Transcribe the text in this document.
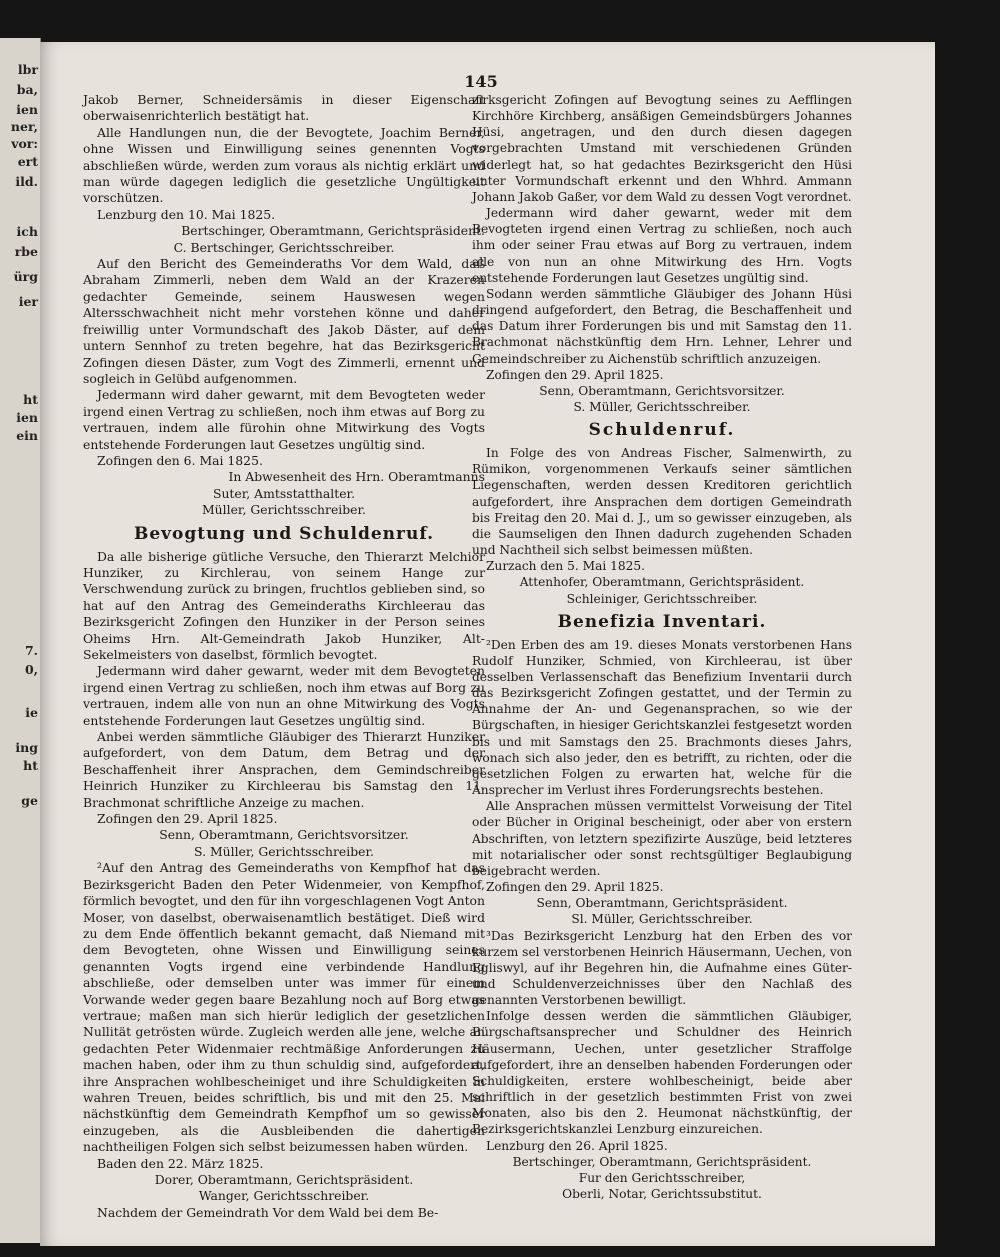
lbr
ba,
ien
ner,
vor:
ert
ild.
ich
rbe
ürg
ier
ht
ien
ein
7.
0,
ie
ing
ht
ge
145

Jakob Berner, Schneidersämis in dieser Eigenschaft oberwaisenrichterlich bestätigt hat.

Alle Handlungen nun, die der Bevogtete, Joachim Berner, ohne Wissen und Einwilligung seines genennten Vogts abschließen würde, werden zum voraus als nichtig erklärt und man würde dagegen lediglich die gesetzliche Ungültigkeit vorschützen.

Lenzburg den 10. Mai 1825.

Bertschinger, Oberamtmann, Gerichtspräsident.

C. Bertschinger, Gerichtsschreiber.

Auf den Bericht des Gemeinderaths Vor dem Wald, daß Abraham Zimmerli, neben dem Wald an der Krazeren gedachter Gemeinde, seinem Hauswesen wegen Altersschwachheit nicht mehr vorstehen könne und daher freiwillig unter Vormundschaft des Jakob Däster, auf dem untern Sennhof zu treten begehre, hat das Bezirksgericht Zofingen diesen Däster, zum Vogt des Zimmerli, ernennt und sogleich in Gelübd aufgenommen.

Jedermann wird daher gewarnt, mit dem Bevogteten weder irgend einen Vertrag zu schließen, noch ihm etwas auf Borg zu vertrauen, indem alle fürohin ohne Mitwirkung des Vogts entstehende Forderungen laut Gesetzes ungültig sind.

Zofingen den 6. Mai 1825.

In Abwesenheit des Hrn. Oberamtmanns

Suter, Amtsstatthalter.

Müller, Gerichtsschreiber.

Bevogtung und Schuldenruf.

Da alle bisherige gütliche Versuche, den Thierarzt Melchior Hunziker, zu Kirchlerau, von seinem Hange zur Verschwendung zurück zu bringen, fruchtlos geblieben sind, so hat auf den Antrag des Gemeinderaths Kirchleerau das Bezirksgericht Zofingen den Hunziker in der Person seines Oheims Hrn. Alt-Gemeindrath Jakob Hunziker, Alt-Sekelmeisters von daselbst, förmlich bevogtet.

Jedermann wird daher gewarnt, weder mit dem Bevogteten irgend einen Vertrag zu schließen, noch ihm etwas auf Borg zu vertrauen, indem alle von nun an ohne Mitwirkung des Vogts entstehende Forderungen laut Gesetzes ungültig sind.

Anbei werden sämmtliche Gläubiger des Thierarzt Hunziker aufgefordert, von dem Datum, dem Betrag und der Beschaffenheit ihrer Ansprachen, dem Gemindschreiber Heinrich Hunziker zu Kirchleerau bis Samstag den 11. Brachmonat schriftliche Anzeige zu machen.

Zofingen den 29. April 1825.

Senn, Oberamtmann, Gerichtsvorsitzer.

S. Müller, Gerichtsschreiber.

²Auf den Antrag des Gemeinderaths von Kempfhof hat das Bezirksgericht Baden den Peter Widenmeier, von Kempfhof, förmlich bevogtet, und den für ihn vorgeschlagenen Vogt Anton Moser, von daselbst, oberwaisenamtlich bestätiget. Dieß wird zu dem Ende öffentlich bekannt gemacht, daß Niemand mit dem Bevogteten, ohne Wissen und Einwilligung seines genannten Vogts irgend eine verbindende Handlung abschließe, oder demselben unter was immer für einem Vorwande weder gegen baare Bezahlung noch auf Borg etwas vertraue; maßen man sich hierür lediglich der gesetzlichen Nullität getrösten würde. Zugleich werden alle jene, welche an gedachten Peter Widenmaier rechtmäßige Anforderungen zu machen haben, oder ihm zu thun schuldig sind, aufgefordert, ihre Ansprachen wohlbescheiniget und ihre Schuldigkeiten in wahren Treuen, beides schriftlich, bis und mit den 25. Mai nächstkünftig dem Gemeindrath Kempfhof um so gewisser einzugeben, als die Ausbleibenden die dahertigen nachtheiligen Folgen sich selbst beizumessen haben würden.

Baden den 22. März 1825.

Dorer, Oberamtmann, Gerichtspräsident.

Wanger, Gerichtsschreiber.

Nachdem der Gemeindrath Vor dem Wald bei dem Be-

zirksgericht Zofingen auf Bevogtung seines zu Aefflingen Kirchhöre Kirchberg, ansäßigen Gemeindsbürgers Johannes Hüsi, angetragen, und den durch diesen dagegen vorgebrachten Umstand mit verschiedenen Gründen widerlegt hat, so hat gedachtes Bezirksgericht den Hüsi unter Vormundschaft erkennt und den Whhrd. Ammann Johann Jakob Gaßer, vor dem Wald zu dessen Vogt verordnet.

Jedermann wird daher gewarnt, weder mit dem Bevogteten irgend einen Vertrag zu schließen, noch auch ihm oder seiner Frau etwas auf Borg zu vertrauen, indem alle von nun an ohne Mitwirkung des Hrn. Vogts entstehende Forderungen laut Gesetzes ungültig sind.

Sodann werden sämmtliche Gläubiger des Johann Hüsi dringend aufgefordert, den Betrag, die Beschaffenheit und das Datum ihrer Forderungen bis und mit Samstag den 11. Brachmonat nächstkünftig dem Hrn. Lehner, Lehrer und Gemeindschreiber zu Aichenstüb schriftlich anzuzeigen.

Zofingen den 29. April 1825.

Senn, Oberamtmann, Gerichtsvorsitzer.

S. Müller, Gerichtsschreiber.

Schuldenruf.

In Folge des von Andreas Fischer, Salmenwirth, zu Rümikon, vorgenommenen Verkaufs seiner sämtlichen Liegenschaften, werden dessen Kreditoren gerichtlich aufgefordert, ihre Ansprachen dem dortigen Gemeindrath bis Freitag den 20. Mai d. J., um so gewisser einzugeben, als die Saumseligen den Ihnen dadurch zugehenden Schaden und Nachtheil sich selbst beimessen müßten.

Zurzach den 5. Mai 1825.

Attenhofer, Oberamtmann, Gerichtspräsident.

Schleiniger, Gerichtsschreiber.

Benefizia Inventari.

²Den Erben des am 19. dieses Monats verstorbenen Hans Rudolf Hunziker, Schmied, von Kirchleerau, ist über desselben Verlassenschaft das Benefizium Inventarii durch das Bezirksgericht Zofingen gestattet, und der Termin zu Annahme der An- und Gegenansprachen, so wie der Bürgschaften, in hiesiger Gerichtskanzlei festgesetzt worden bis und mit Samstags den 25. Brachmonts dieses Jahrs, wonach sich also jeder, den es betrifft, zu richten, oder die gesetzlichen Folgen zu erwarten hat, welche für die Ansprecher im Verlust ihres Forderungsrechts bestehen.

Alle Ansprachen müssen vermittelst Vorweisung der Titel oder Bücher in Original bescheinigt, oder aber von erstern Abschriften, von letztern spezifizirte Auszüge, beid letzteres mit notarialischer oder sonst rechtsgültiger Beglaubigung beigebracht werden.

Zofingen den 29. April 1825.

Senn, Oberamtmann, Gerichtspräsident.

Sl. Müller, Gerichtsschreiber.

³Das Bezirksgericht Lenzburg hat den Erben des vor kurzem sel verstorbenen Heinrich Häusermann, Uechen, von Egliswyl, auf ihr Begehren hin, die Aufnahme eines Güter- und Schuldenverzeichnisses über den Nachlaß des genannten Verstorbenen bewilligt.

Infolge dessen werden die sämmtlichen Gläubiger, Bürgschaftsansprecher und Schuldner des Heinrich Häusermann, Uechen, unter gesetzlicher Straffolge aufgefordert, ihre an denselben habenden Forderungen oder Schuldigkeiten, erstere wohlbescheinigt, beide aber schriftlich in der gesetzlich bestimmten Frist von zwei Monaten, also bis den 2. Heumonat nächstkünftig, der Bezirksgerichtskanzlei Lenzburg einzureichen.

Lenzburg den 26. April 1825.

Bertschinger, Oberamtmann, Gerichtspräsident.

Fur den Gerichtsschreiber,

Oberli, Notar, Gerichtssubstitut.
